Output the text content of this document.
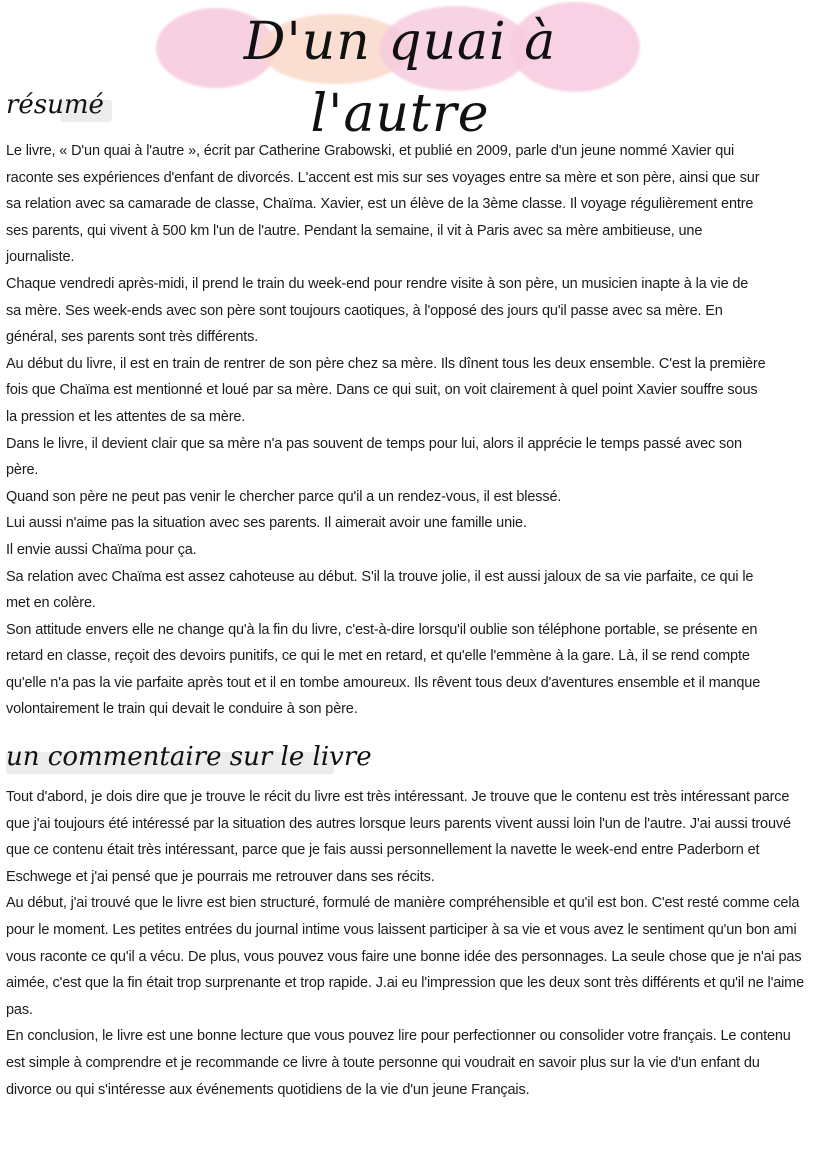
D'un quai à l'autre
résumé

Le livre, « D'un quai à l'autre », écrit par Catherine Grabowski, et publié en 2009, parle d'un jeune nommé Xavier qui raconte ses expériences d'enfant de divorcés. L'accent est mis sur ses voyages entre sa mère et son père, ainsi que sur sa relation avec sa camarade de classe, Chaïma. Xavier, est un élève de la 3ème classe. Il voyage régulièrement entre ses parents, qui vivent à 500 km l'un de l'autre. Pendant la semaine, il vit à Paris avec sa mère ambitieuse, une journaliste.

Chaque vendredi après-midi, il prend le train du week-end pour rendre visite à son père, un musicien inapte à la vie de sa mère. Ses week-ends avec son père sont toujours caotiques, à l'opposé des jours qu'il passe avec sa mère. En général, ses parents sont très différents.

Au début du livre, il est en train de rentrer de son père chez sa mère. Ils dînent tous les deux ensemble. C'est la première fois que Chaïma est mentionné et loué par sa mère. Dans ce qui suit, on voit clairement à quel point Xavier souffre sous la pression et les attentes de sa mère.

Dans le livre, il devient clair que sa mère n'a pas souvent de temps pour lui, alors il apprécie le temps passé avec son père.

Quand son père ne peut pas venir le chercher parce qu'il a un rendez-vous, il est blessé.

Lui aussi n'aime pas la situation avec ses parents. Il aimerait avoir une famille unie.

Il envie aussi Chaïma pour ça.

Sa relation avec Chaïma est assez cahoteuse au début. S'il la trouve jolie, il est aussi jaloux de sa vie parfaite, ce qui le met en colère.

Son attitude envers elle ne change qu'à la fin du livre, c'est-à-dire lorsqu'il oublie son téléphone portable, se présente en retard en classe, reçoit des devoirs punitifs, ce qui le met en retard, et qu'elle l'emmène à la gare. Là, il se rend compte qu'elle n'a pas la vie parfaite après tout et il en tombe amoureux. Ils rêvent tous deux d'aventures ensemble et il manque volontairement le train qui devait le conduire à son père.

un commentaire sur le livre

Tout d'abord, je dois dire que je trouve le récit du livre est très intéressant. Je trouve que le contenu est très intéressant parce que j'ai toujours été intéressé par la situation des autres lorsque leurs parents vivent aussi loin l'un de l'autre. J'ai aussi trouvé que ce contenu était très intéressant, parce que je fais aussi personnellement la navette le week-end entre Paderborn et Eschwege et j'ai pensé que je pourrais me retrouver dans ses récits.

Au début, j'ai trouvé que le livre est bien structuré, formulé de manière compréhensible et qu'il est bon. C'est resté comme cela pour le moment. Les petites entrées du journal intime vous laissent participer à sa vie et vous avez le sentiment qu'un bon ami vous raconte ce qu'il a vécu. De plus, vous pouvez vous faire une bonne idée des personnages. La seule chose que je n'ai pas aimée, c'est que la fin était trop surprenante et trop rapide. J.ai eu l'impression que les deux sont très différents et qu'il ne l'aime pas.

En conclusion, le livre est une bonne lecture que vous pouvez lire pour perfectionner ou consolider votre français. Le contenu est simple à comprendre et je recommande ce livre à toute personne qui voudrait en savoir plus sur la vie d'un enfant du divorce ou qui s'intéresse aux événements quotidiens de la vie d'un jeune Français.
